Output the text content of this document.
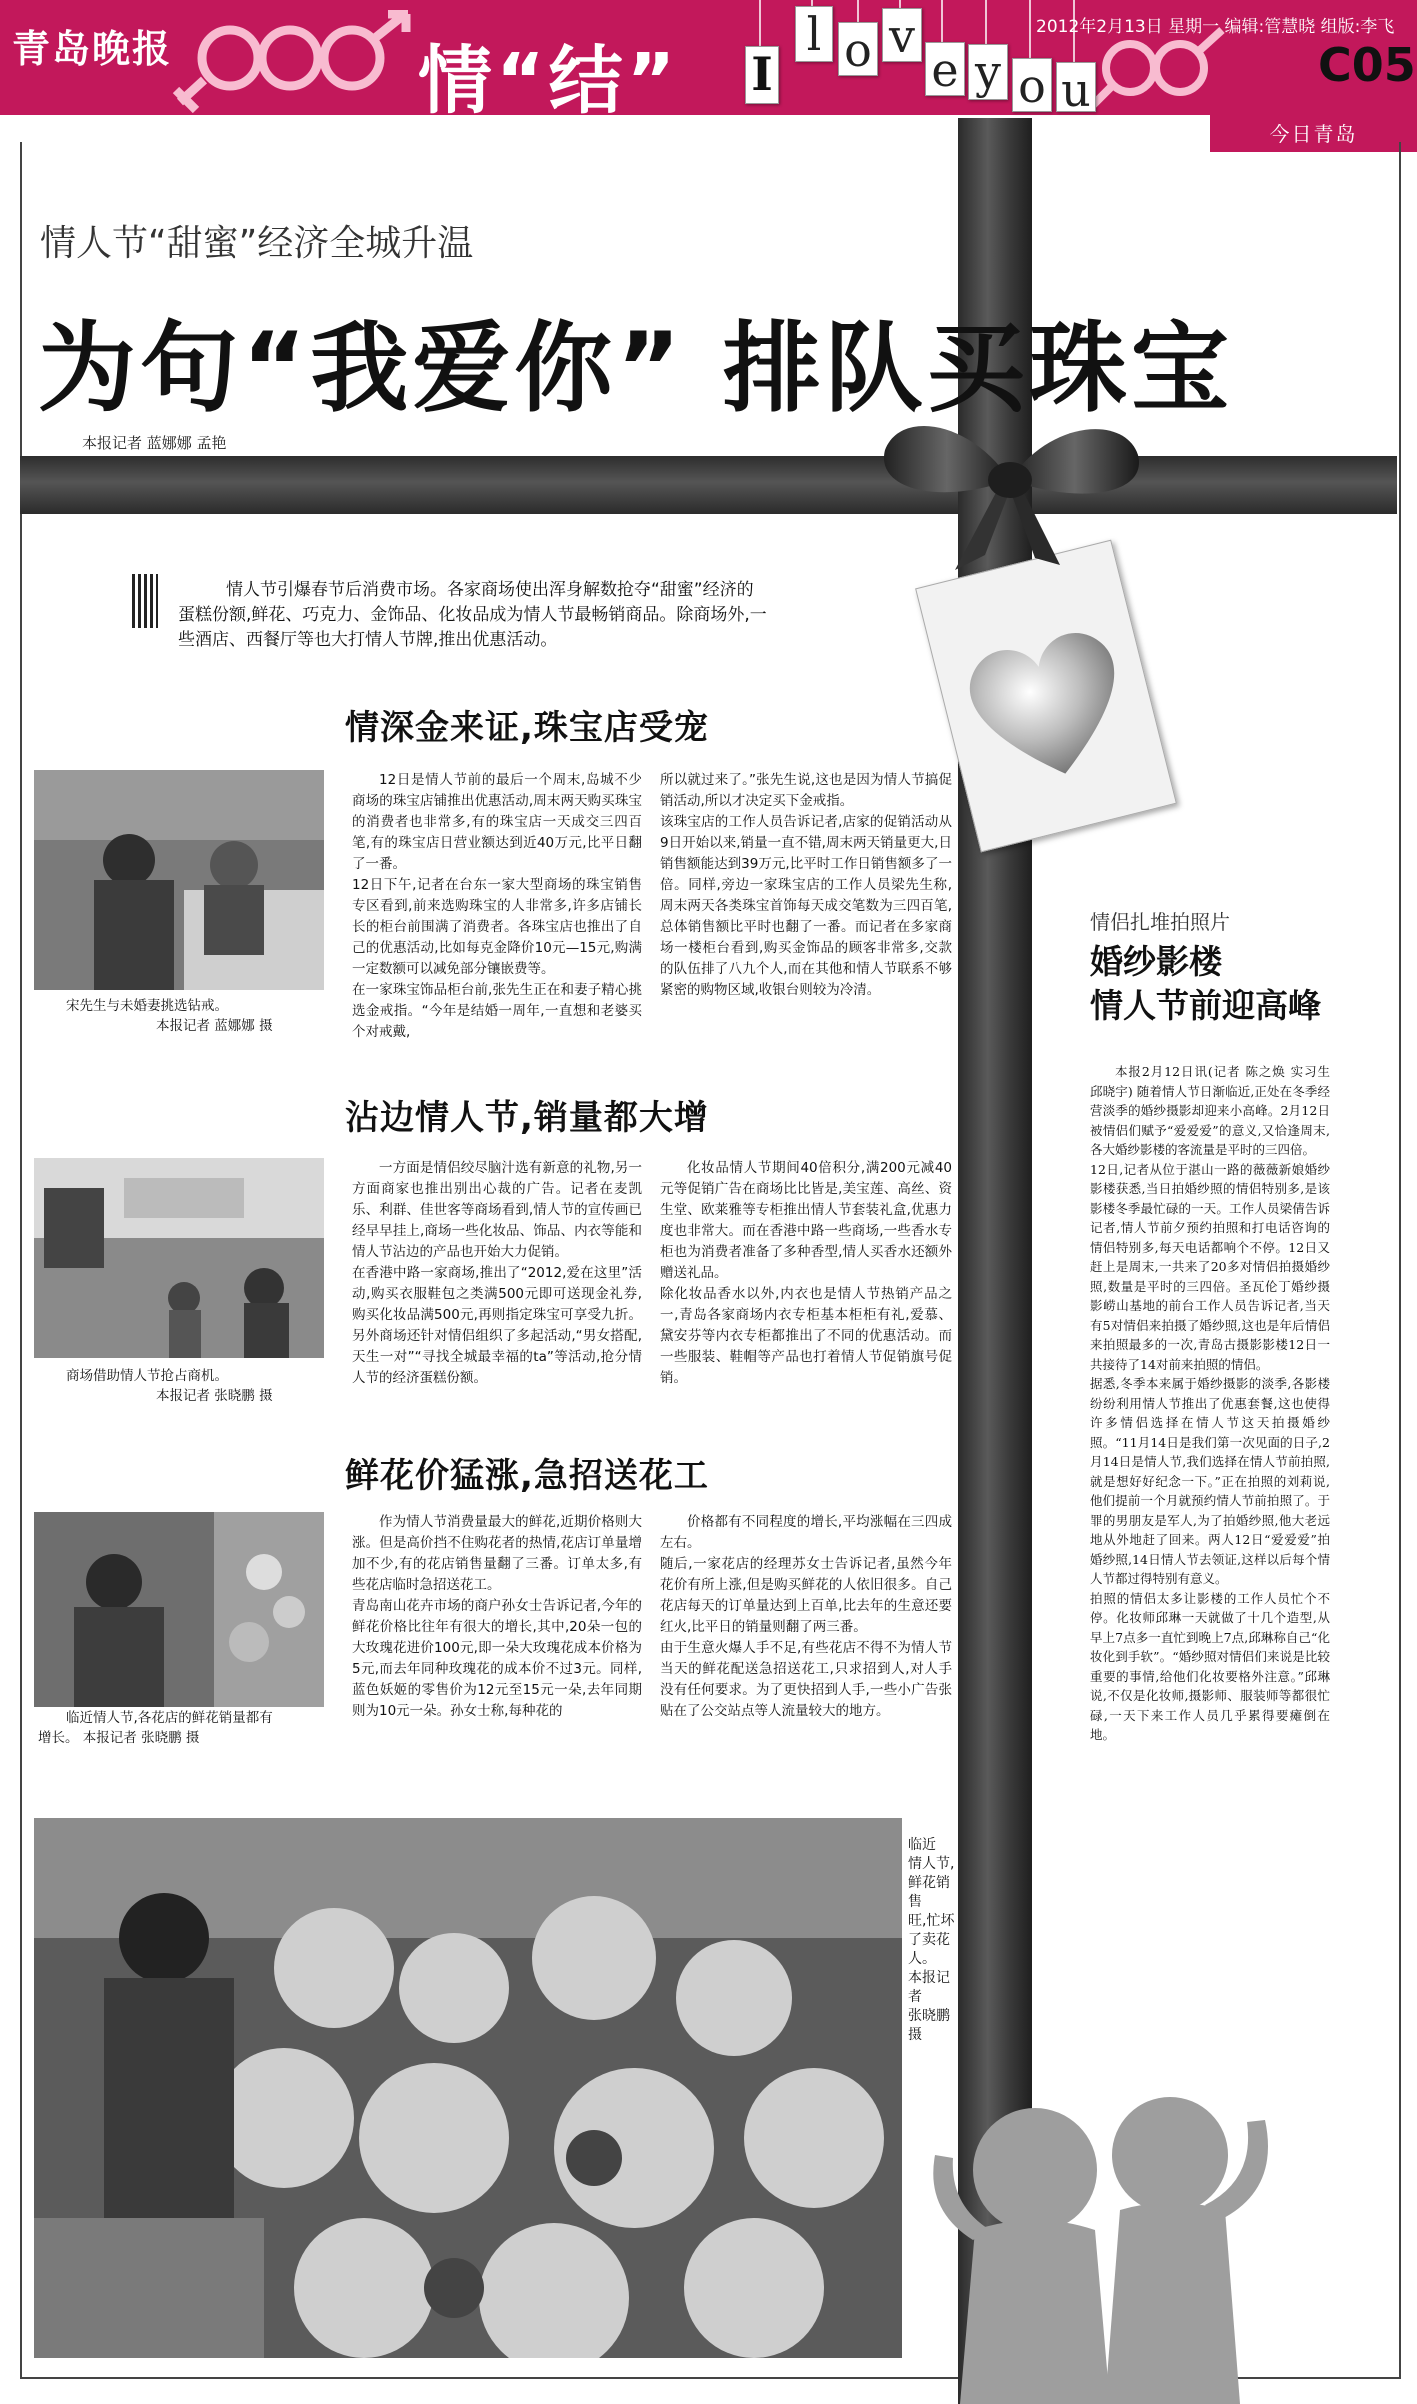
青岛晚报	情“结” I
l o v
e y o u
2012年2月13日 星期一 编辑:管慧晓 组版:李飞
C05
今日青岛
情人节“甜蜜”经济全城升温
为句“我爱你” 排队买珠宝
本报记者 蓝娜娜 孟艳
情人节引爆春节后消费市场。各家商场使出浑身解数抢夺“甜蜜”经济的
蛋糕份额,鲜花、巧克力、金饰品、化妆品成为情人节最畅销商品。除商场外,一
些酒店、西餐厅等也大打情人节牌,推出优惠活动。
情深金来证,珠宝店受宠
宋先生与未婚妻挑选钻戒。
本报记者 蓝娜娜 摄
12日是情人节前的最后一个周末,岛城不少商场的珠宝店铺推出优惠活动,周末两天购买珠宝的消费者也非常多,有的珠宝店一天成交三四百笔,有的珠宝店日营业额达到近40万元,比平日翻了一番。
12日下午,记者在台东一家大型商场的珠宝销售专区看到,前来选购珠宝的人非常多,许多店铺长长的柜台前围满了消费者。各珠宝店也推出了自己的优惠活动,比如每克金降价10元—15元,购满一定数额可以减免部分镶嵌费等。
在一家珠宝饰品柜台前,张先生正在和妻子精心挑选金戒指。“今年是结婚一周年,一直想和老婆买个对戒戴,
所以就过来了。”张先生说,这也是因为情人节搞促销活动,所以才决定买下金戒指。
该珠宝店的工作人员告诉记者,店家的促销活动从9日开始以来,销量一直不错,周末两天销量更大,日销售额能达到39万元,比平时工作日销售额多了一倍。同样,旁边一家珠宝店的工作人员梁先生称,周末两天各类珠宝首饰每天成交笔数为三四百笔,总体销售额比平时也翻了一番。而记者在多家商场一楼柜台看到,购买金饰品的顾客非常多,交款的队伍排了八九个人,而在其他和情人节联系不够紧密的购物区域,收银台则较为冷清。
沾边情人节,销量都大增
商场借助情人节抢占商机。
本报记者 张晓鹏 摄
一方面是情侣绞尽脑汁选有新意的礼物,另一方面商家也推出别出心裁的广告。记者在麦凯乐、利群、佳世客等商场看到,情人节的宣传画已经早早挂上,商场一些化妆品、饰品、内衣等能和情人节沾边的产品也开始大力促销。
在香港中路一家商场,推出了“2012,爱在这里”活动,购买衣服鞋包之类满500元即可送现金礼券,购买化妆品满500元,再则指定珠宝可享受九折。另外商场还针对情侣组织了多起活动,“男女搭配,天生一对”“寻找全城最幸福的ta”等活动,抢分情人节的经济蛋糕份额。
化妆品情人节期间40倍积分,满200元减40元等促销广告在商场比比皆是,美宝莲、高丝、资生堂、欧莱雅等专柜推出情人节套装礼盒,优惠力度也非常大。而在香港中路一些商场,一些香水专柜也为消费者准备了多种香型,情人买香水还额外赠送礼品。
除化妆品香水以外,内衣也是情人节热销产品之一,青岛各家商场内衣专柜基本柜柜有礼,爱慕、黛安芬等内衣专柜都推出了不同的优惠活动。而一些服装、鞋帽等产品也打着情人节促销旗号促销。
鲜花价猛涨,急招送花工
临近情人节,各花店的鲜花销量都有
增长。 本报记者 张晓鹏 摄
作为情人节消费量最大的鲜花,近期价格则大涨。但是高价挡不住购花者的热情,花店订单量增加不少,有的花店销售量翻了三番。订单太多,有些花店临时急招送花工。
青岛南山花卉市场的商户孙女士告诉记者,今年的鲜花价格比往年有很大的增长,其中,20朵一包的大玫瑰花进价100元,即一朵大玫瑰花成本价格为5元,而去年同种玫瑰花的成本价不过3元。同样,蓝色妖姬的零售价为12元至15元一朵,去年同期则为10元一朵。孙女士称,每种花的
价格都有不同程度的增长,平均涨幅在三四成左右。
随后,一家花店的经理苏女士告诉记者,虽然今年花价有所上涨,但是购买鲜花的人依旧很多。自己花店每天的订单量达到上百单,比去年的生意还要红火,比平日的销量则翻了两三番。
由于生意火爆人手不足,有些花店不得不为情人节当天的鲜花配送急招送花工,只求招到人,对人手没有任何要求。为了更快招到人手,一些小广告张贴在了公交站点等人流量较大的地方。
临近
情人节,
鲜花销售
旺,忙坏
了卖花
人。
本报记者
张晓鹏
摄
情侣扎堆拍照片
婚纱影楼
情人节前迎高峰
本报2月12日讯(记者 陈之焕 实习生 邱晓宇) 随着情人节日渐临近,正处在冬季经营淡季的婚纱摄影却迎来小高峰。2月12日被情侣们赋予“爱爱爱”的意义,又恰逢周末,各大婚纱影楼的客流量是平时的三四倍。
12日,记者从位于湛山一路的薇薇新娘婚纱影楼获悉,当日拍婚纱照的情侣特别多,是该影楼冬季最忙碌的一天。工作人员梁倩告诉记者,情人节前夕预约拍照和打电话咨询的情侣特别多,每天电话都响个不停。12日又赶上是周末,一共来了20多对情侣拍摄婚纱照,数量是平时的三四倍。圣瓦伦丁婚纱摄影崂山基地的前台工作人员告诉记者,当天有5对情侣来拍摄了婚纱照,这也是年后情侣来拍照最多的一次,青岛古摄影影楼12日一共接待了14对前来拍照的情侣。
据悉,冬季本来属于婚纱摄影的淡季,各影楼纷纷利用情人节推出了优惠套餐,这也使得许多情侣选择在情人节这天拍摄婚纱照。“11月14日是我们第一次见面的日子,2月14日是情人节,我们选择在情人节前拍照,就是想好好纪念一下。”正在拍照的刘莉说,他们提前一个月就预约情人节前拍照了。于罪的男朋友是军人,为了拍婚纱照,他大老远地从外地赶了回来。两人12日“爱爱爱”拍婚纱照,14日情人节去领证,这样以后每个情人节都过得特别有意义。
拍照的情侣太多让影楼的工作人员忙个不停。化妆师邱琳一天就做了十几个造型,从早上7点多一直忙到晚上7点,邱琳称自己“化妆化到手软”。“婚纱照对情侣们来说是比较重要的事情,给他们化妆要格外注意。”邱琳说,不仅是化妆师,摄影师、服装师等都很忙碌,一天下来工作人员几乎累得要瘫倒在地。
